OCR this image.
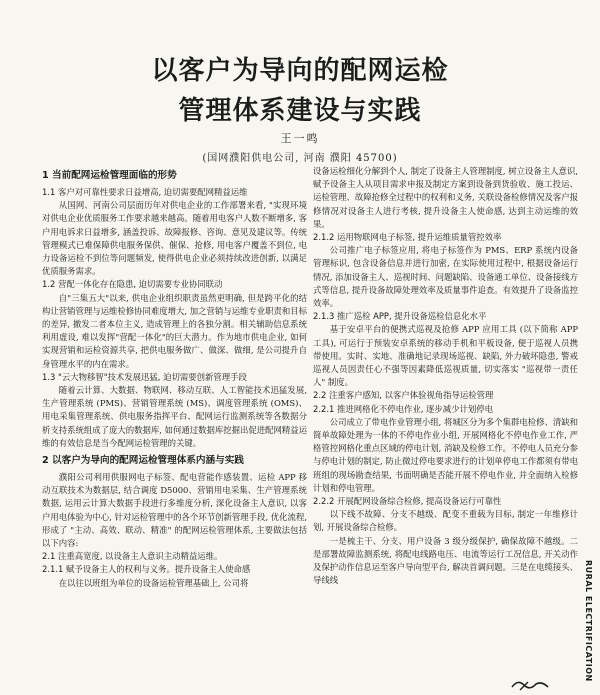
以客户为导向的配网运检
管理体系建设与实践
王一鸣
(国网濮阳供电公司, 河南 濮阳 45700)
1 当前配网运检管理面临的形势
1.1 客户对可靠性要求日益增高, 迫切需要配网精益运维
从国网、河南公司层面历年对供电企业的工作部署来看, "实现环境对供电企业优质服务工作要求越来越高。随着用电客户人数不断增多, 客户用电诉求日益增多, 涵盖投诉、故障报修、咨询、意见及建议等。传统管理模式已难保障供电服务保供、催保、抢修, 用电客户覆盖不到位, 电力设备运检不到位等问题频发, 使得供电企业必须持续改进创新, 以满足优质服务需求。
1.2 营配一体化存在隐患, 迫切需要专业协同联动
自"三集五大"以来, 供电企业组织职责虽然更明确, 但是跨平化的结构让营销管理与运维检修协同难度增大, 加之营销与运维专业职责和目标的差异, 撤发二者本位主义, 造成管理上的各独分割。相关辅助信息系统利用虚设, 难以发挥"营配一体化"的巨大潜力。作为地市供电企业, 如何实现营销和运检资源共享, 把供电服务做广、做深、做细, 是公司提升自身管理水平的内在需求。
1.3 "云大物移智"技术发展迅猛, 迫切需要创新管理手段
随着云计算、大数据、物联网、移动互联、人工智能技术迅猛发展, 生产管理系统 (PMS)、营销管理系统 (MS)、调度管理系统 (OMS)、用电采集管理系统、供电服务指挥平台、配网运行监测系统等各数据分析支持系统组成了庞大的数据库, 如何通过数据库挖掘出促进配网精益运维的有效信息是当今配网运检管理的关键。
2 以客户为导向的配网运检管理体系内涵与实践
濮阳公司利用供服网电子标签、配电营能作感装置、运检 APP 移动互联技术为数据层, 结合调度 D5000、营销用电采集、生产管理系统数据, 运用云计算大数据手段进行多维度分析, 深化设备主人意识, 以客户用电体验为中心, 针对运检管理中的各个环节创新管理手段, 优化流程, 形成了 "主动、高效、联动、精准" 的配网运检管理体系, 主要做法包括以下内容:
2.1 注重高宽度, 以设备主人意识主动精益运维。
2.1.1 赋予设备主人的权利与义务。提升设备主人使命感
在以往以班组为单位的设备运检管理基础上, 公司将
设备运检细化分解到个人, 制定了设备主人管理制度, 树立设备主人意识, 赋予设备主人从项目需求申报及制定方案到设备到货验收、施工投运、运检管理、故障抢修全过程中的权利和义务, 关联设备检修情况及客户报修情况对设备主人进行考核, 提升设备主人使命感, 达到主动运维的效果。
2.1.2 运用物联网电子标签, 提升运维质量管控效率
公司推广电子标签应用, 将电子标签作为 PMS、ERP 系统内设备管理标识, 包含设备信息并进行加密, 在实际使用过程中, 根据设备运行情况, 添加设备主人、巡视时间、问题缺陷、设备通工单位、设备接线方式等信息, 提升设备故障处理效率及质量事件追查。有效提升了设备监控效率。
2.1.3 推广巡检 APP, 提升设备巡检信息化水平
基于安卓平台的便携式巡视及抢修 APP 应用工具 (以下简称 APP 工具), 可运行于预装安卓系统的移动手机和平板设备, 便于巡视人员携带使用。实时、实地、准确地记录现场巡视、缺陷, 外力破坏隐患, 警戒巡视人员因责任心不强等因素降低巡视质量, 切实落实 "巡视带一责任人" 制度。
2.2 注重客户感知, 以客户体验视角指导运检管理
2.2.1 推进网格化不停电作业, 逐步减少计划停电
公司成立了带电作业管理小组, 将城区分为多个集群电检修、清缺和简单故障处理为一体的不停电作业小组, 开展网格化不停电作业工作, 严格管控网格化重点区域的停电计划, 消缺及检修工作。不停电人员充分参与停电计划的制定, 防止微过停电要求进行的计划单停电工作都须有带电班组的现场勘查结果, 书面明确是否能开展不停电作业, 并全面纳入检修计划和停电管理。
2.2.2 开展配网设备综合检修, 提高设备运行可靠性
以下线不故障、分支不越级、配变不重载为目标, 制定一年维修计划, 开展设备综合检修。
一是梳主干、分支、用户设备 3 级分级保护, 确保故障不越级。二是部署故障监测系统, 将配电线路电压、电流等运行工况信息, 开关动作及保护动作信息运至客户导向型平台, 解决首调问题。三是在电缆接头、导线线	RURAL ELECTRIFICATION
